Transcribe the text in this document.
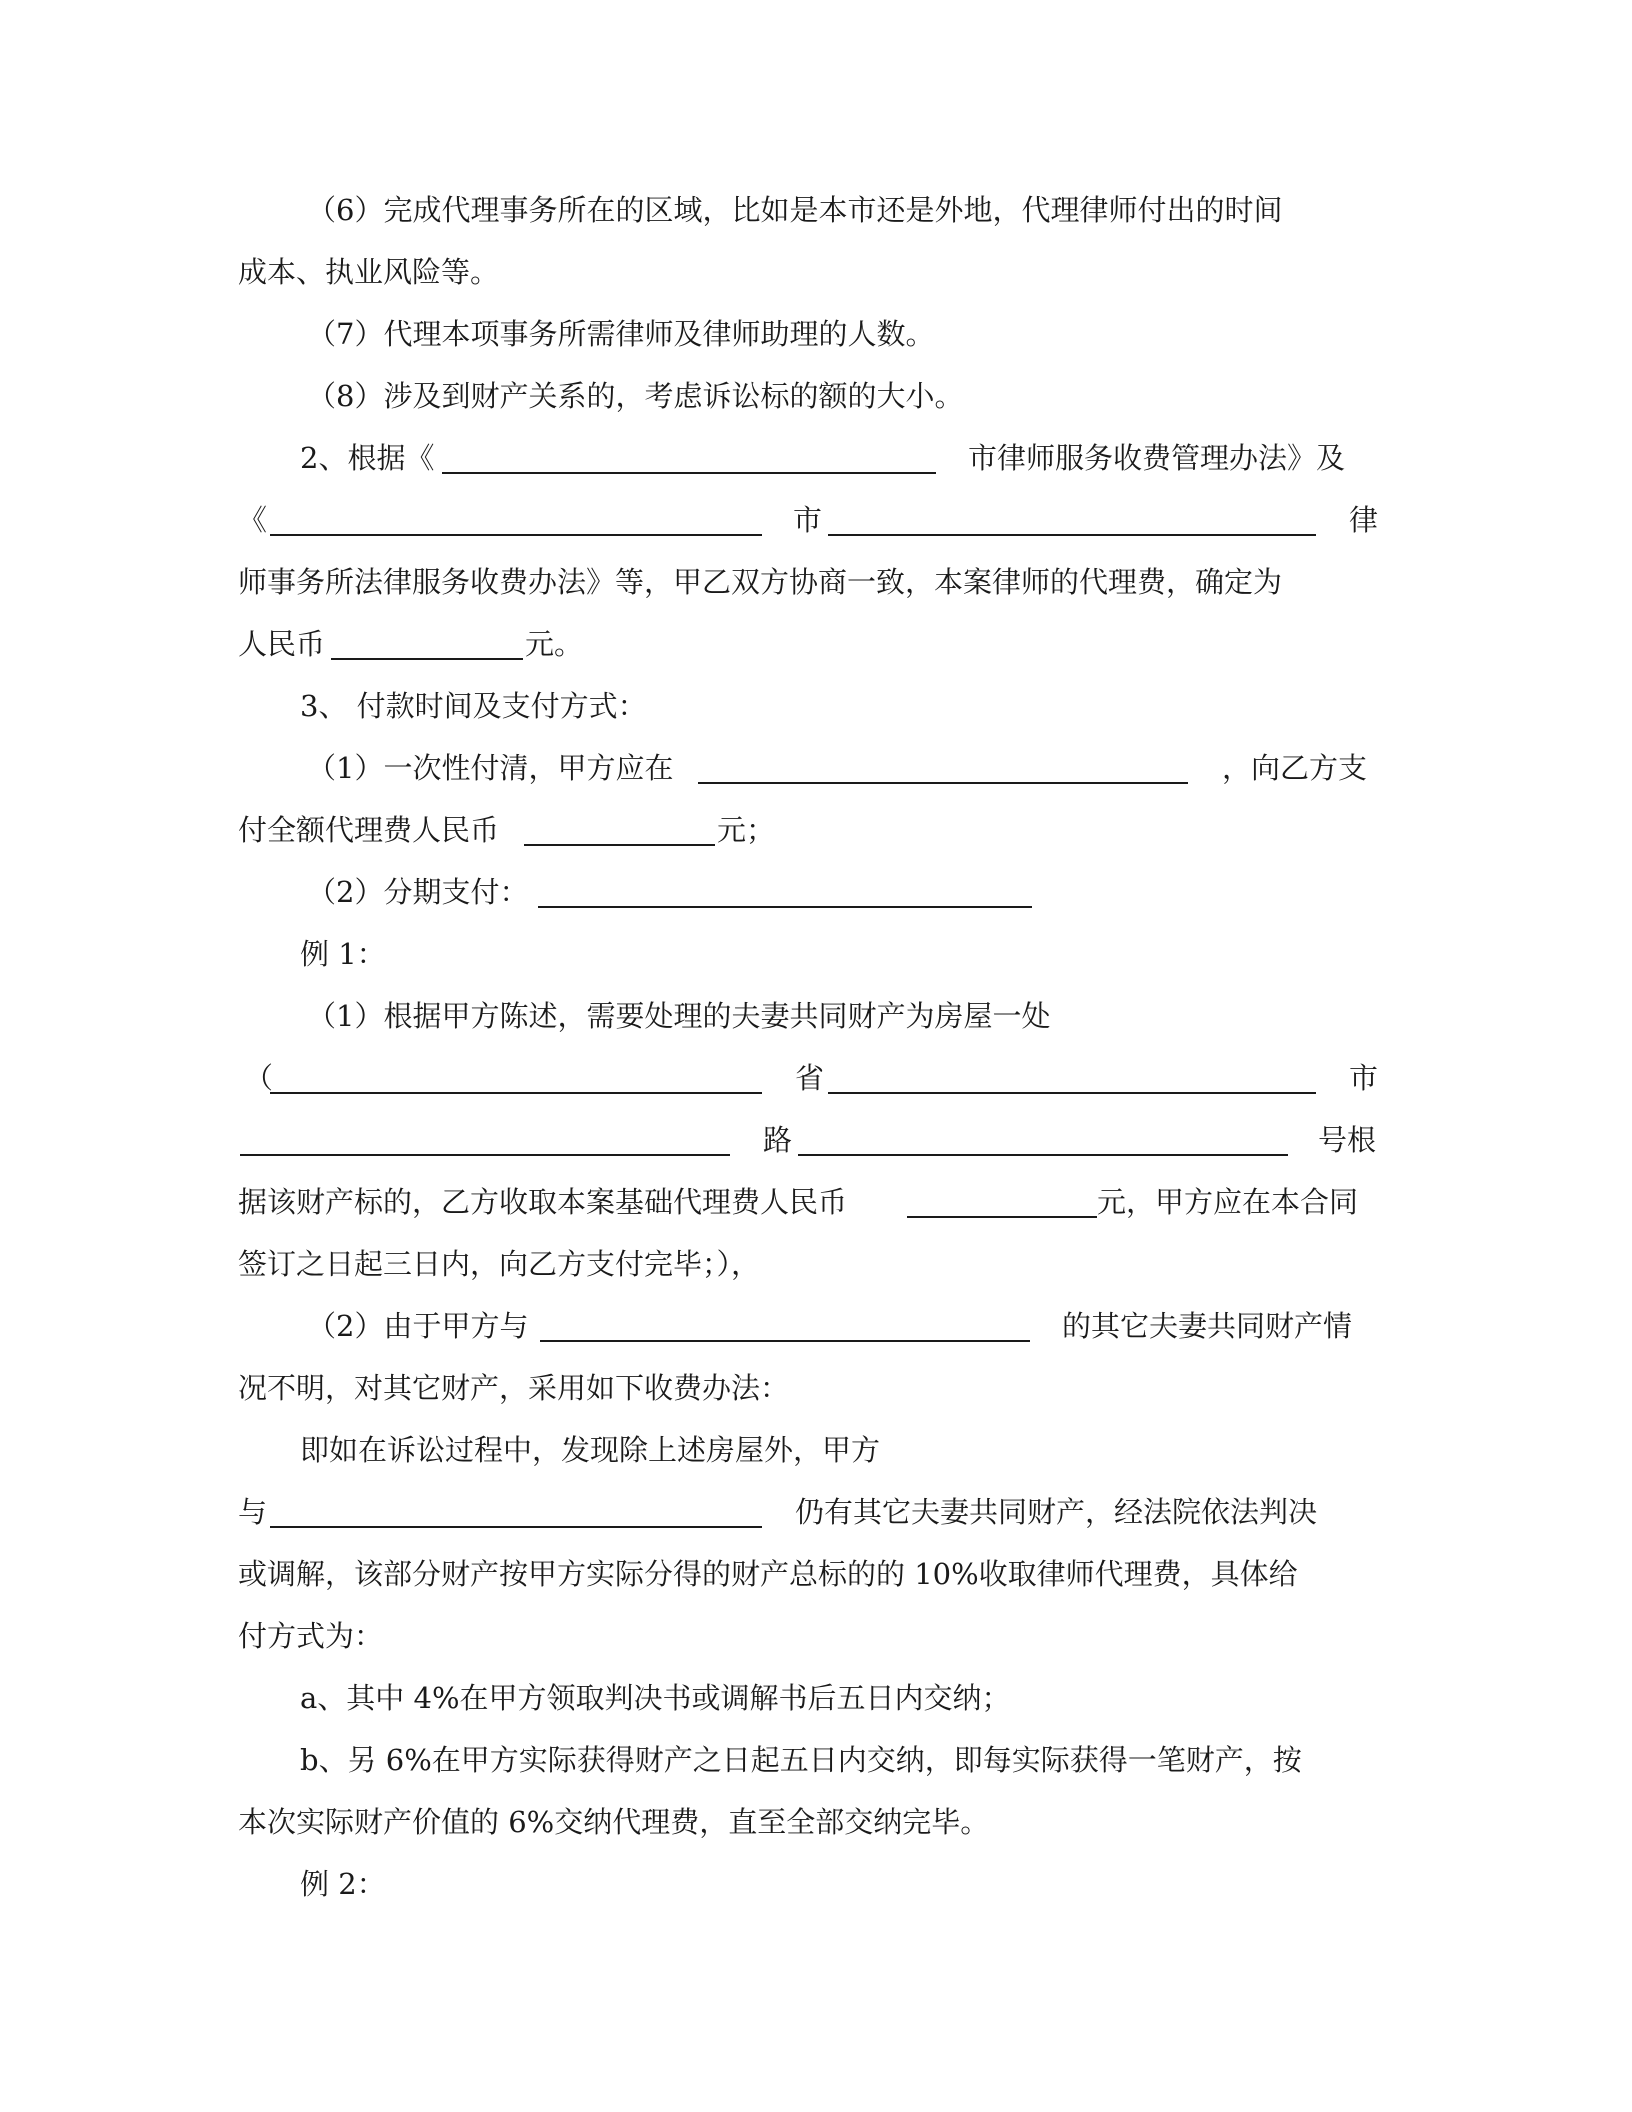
（6）完成代理事务所在的区域，比如是本市还是外地，代理律师付出的时间
成本、执业风险等。
（7）代理本项事务所需律师及律师助理的人数。
（8）涉及到财产关系的，考虑诉讼标的额的大小。
2、根据《	市律师服务收费管理办法》及
《	市	律
师事务所法律服务收费办法》等，甲乙双方协商一致，本案律师的代理费，确定为
人民币	元。
3、 付款时间及支付方式：
（1）一次性付清，甲方应在	，向乙方支
付全额代理费人民币	元；
（2）分期支付：
例 1：
（1）根据甲方陈述，需要处理的夫妻共同财产为房屋一处
（	省	市
路	号根
据该财产标的，乙方收取本案基础代理费人民币	元，甲方应在本合同
签订之日起三日内，向乙方支付完毕；），
（2）由于甲方与	的其它夫妻共同财产情
况不明，对其它财产，采用如下收费办法：
即如在诉讼过程中，发现除上述房屋外，甲方
与	仍有其它夫妻共同财产，经法院依法判决
或调解，该部分财产按甲方实际分得的财产总标的的 10%收取律师代理费，具体给
付方式为：
a、其中 4%在甲方领取判决书或调解书后五日内交纳；
b、另 6%在甲方实际获得财产之日起五日内交纳，即每实际获得一笔财产，按
本次实际财产价值的 6%交纳代理费，直至全部交纳完毕。
例 2：
